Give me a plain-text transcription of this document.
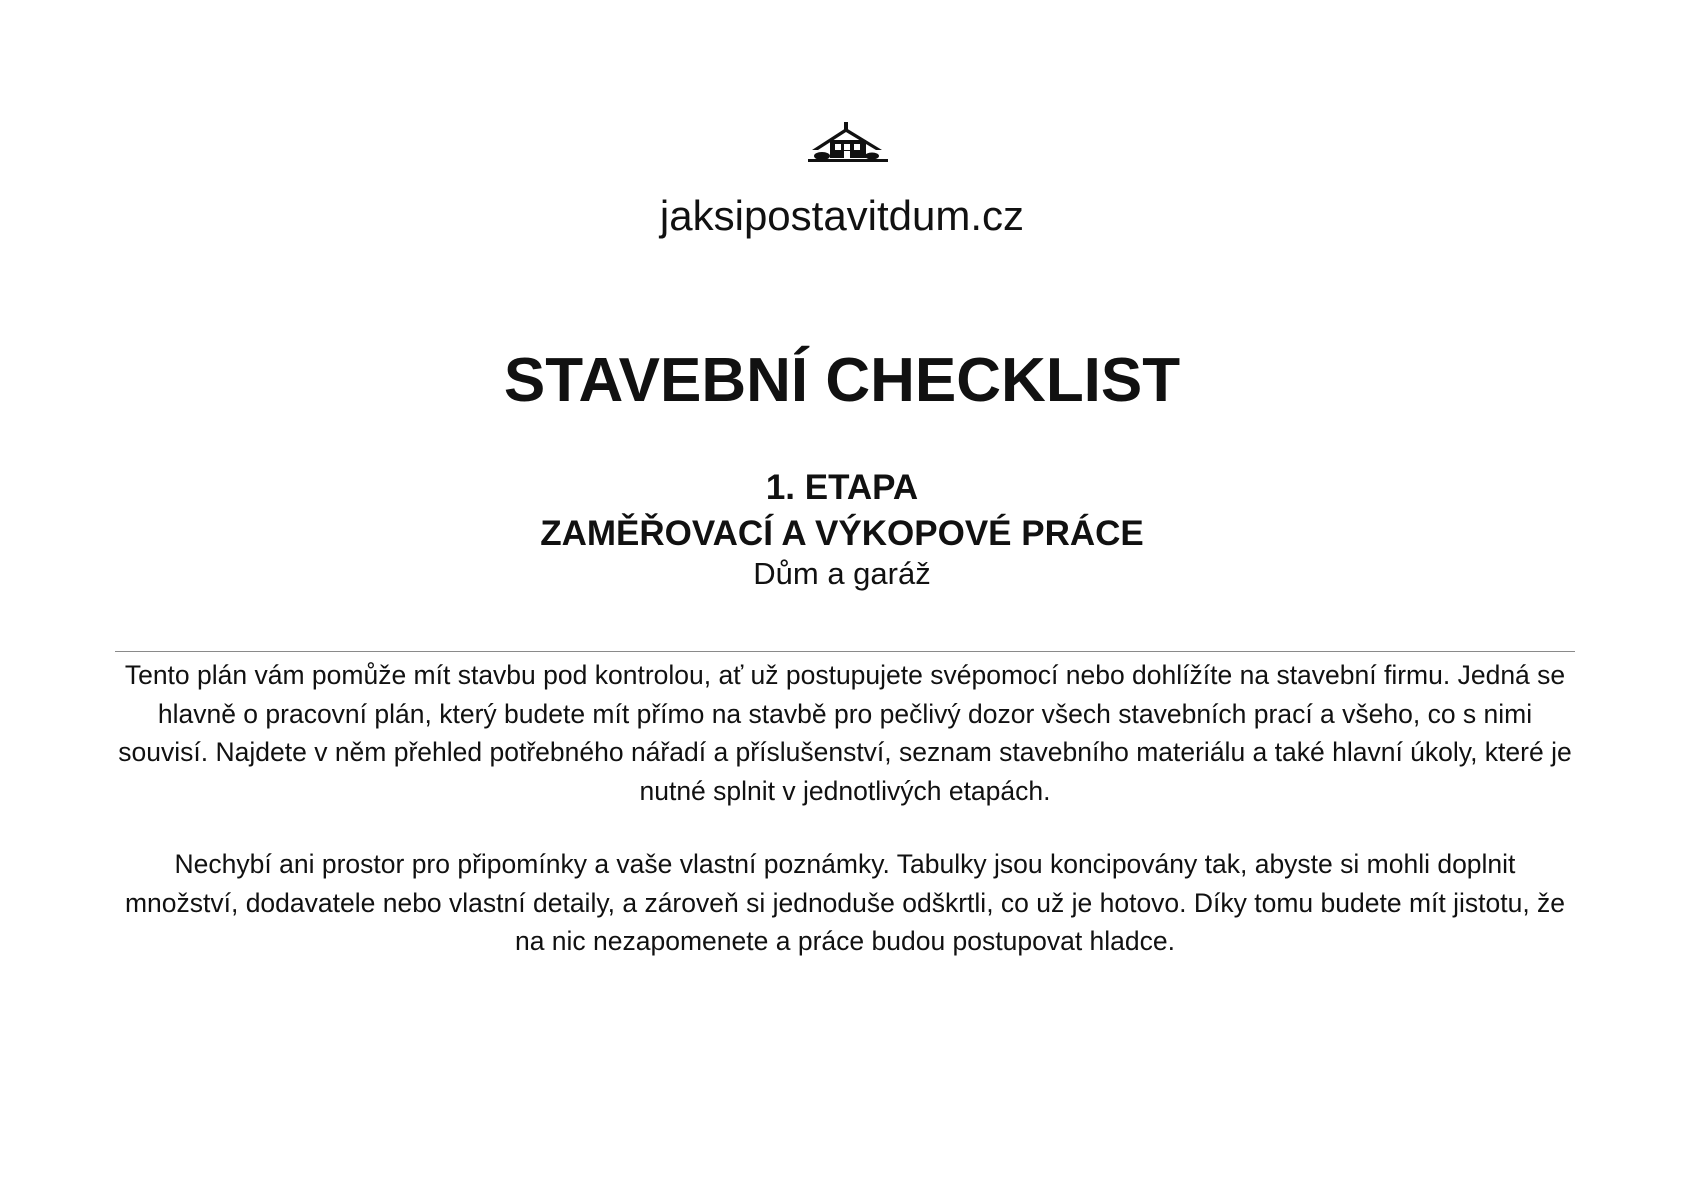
jaksipostavitdum.cz
STAVEBNÍ CHECKLIST
1. ETAPA
ZAMĚŘOVACÍ A VÝKOPOVÉ PRÁCE
Dům a garáž

Tento plán vám pomůže mít stavbu pod kontrolou, ať už postupujete svépomocí nebo dohlížíte na stavební firmu. Jedná se hlavně o pracovní plán, který budete mít přímo na stavbě pro pečlivý dozor všech stavebních prací a všeho, co s nimi souvisí. Najdete v něm přehled potřebného nářadí a příslušenství, seznam stavebního materiálu a také hlavní úkoly, které je nutné splnit v jednotlivých etapách.

Nechybí ani prostor pro připomínky a vaše vlastní poznámky. Tabulky jsou koncipovány tak, abyste si mohli doplnit množství, dodavatele nebo vlastní detaily, a zároveň si jednoduše odškrtli, co už je hotovo. Díky tomu budete mít jistotu, že na nic nezapomenete a práce budou postupovat hladce.
